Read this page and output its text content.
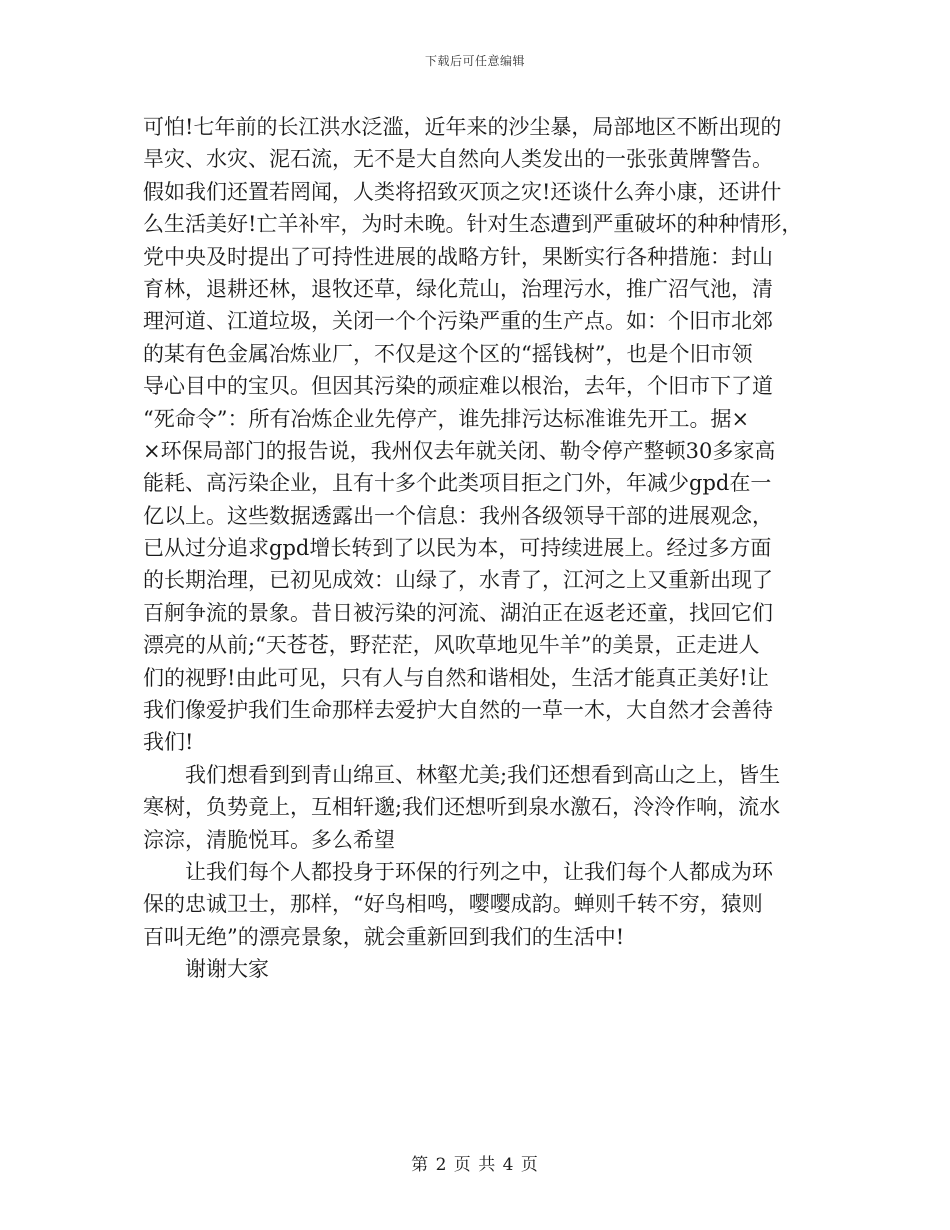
下载后可任意编辑
可怕!七年前的长江洪水泛滥，近年来的沙尘暴，局部地区不断出现的
旱灾、水灾、泥石流，无不是大自然向人类发出的一张张黄牌警告。
假如我们还置若罔闻，人类将招致灭顶之灾!还谈什么奔小康，还讲什
么生活美好!亡羊补牢，为时未晚。针对生态遭到严重破坏的种种情形，
党中央及时提出了可持性进展的战略方针，果断实行各种措施：封山
育林，退耕还林，退牧还草，绿化荒山，治理污水，推广沼气池，清
理河道、江道垃圾，关闭一个个污染严重的生产点。如：个旧市北郊
的某有色金属冶炼业厂，不仅是这个区的“摇钱树”，也是个旧市领
导心目中的宝贝。但因其污染的顽症难以根治，去年，个旧市下了道
“死命令”：所有冶炼企业先停产，谁先排污达标准谁先开工。据×
×环保局部门的报告说，我州仅去年就关闭、勒令停产整顿30多家高
能耗、高污染企业，且有十多个此类项目拒之门外，年减少gpd在一
亿以上。这些数据透露出一个信息：我州各级领导干部的进展观念，
已从过分追求gpd增长转到了以民为本，可持续进展上。经过多方面
的长期治理，已初见成效：山绿了，水青了，江河之上又重新出现了
百舸争流的景象。昔日被污染的河流、湖泊正在返老还童，找回它们
漂亮的从前;“天苍苍，野茫茫，风吹草地见牛羊”的美景，正走进人
们的视野!由此可见，只有人与自然和谐相处，生活才能真正美好!让
我们像爱护我们生命那样去爱护大自然的一草一木，大自然才会善待
我们!
我们想看到到青山绵亘、林壑尤美;我们还想看到高山之上，皆生
寒树，负势竟上，互相轩邈;我们还想听到泉水激石，泠泠作响，流水
淙淙，清脆悦耳。多么希望
让我们每个人都投身于环保的行列之中，让我们每个人都成为环
保的忠诚卫士，那样，“好鸟相鸣，嘤嘤成韵。蝉则千转不穷，猿则
百叫无绝”的漂亮景象，就会重新回到我们的生活中!
谢谢大家
第 2 页 共 4 页
